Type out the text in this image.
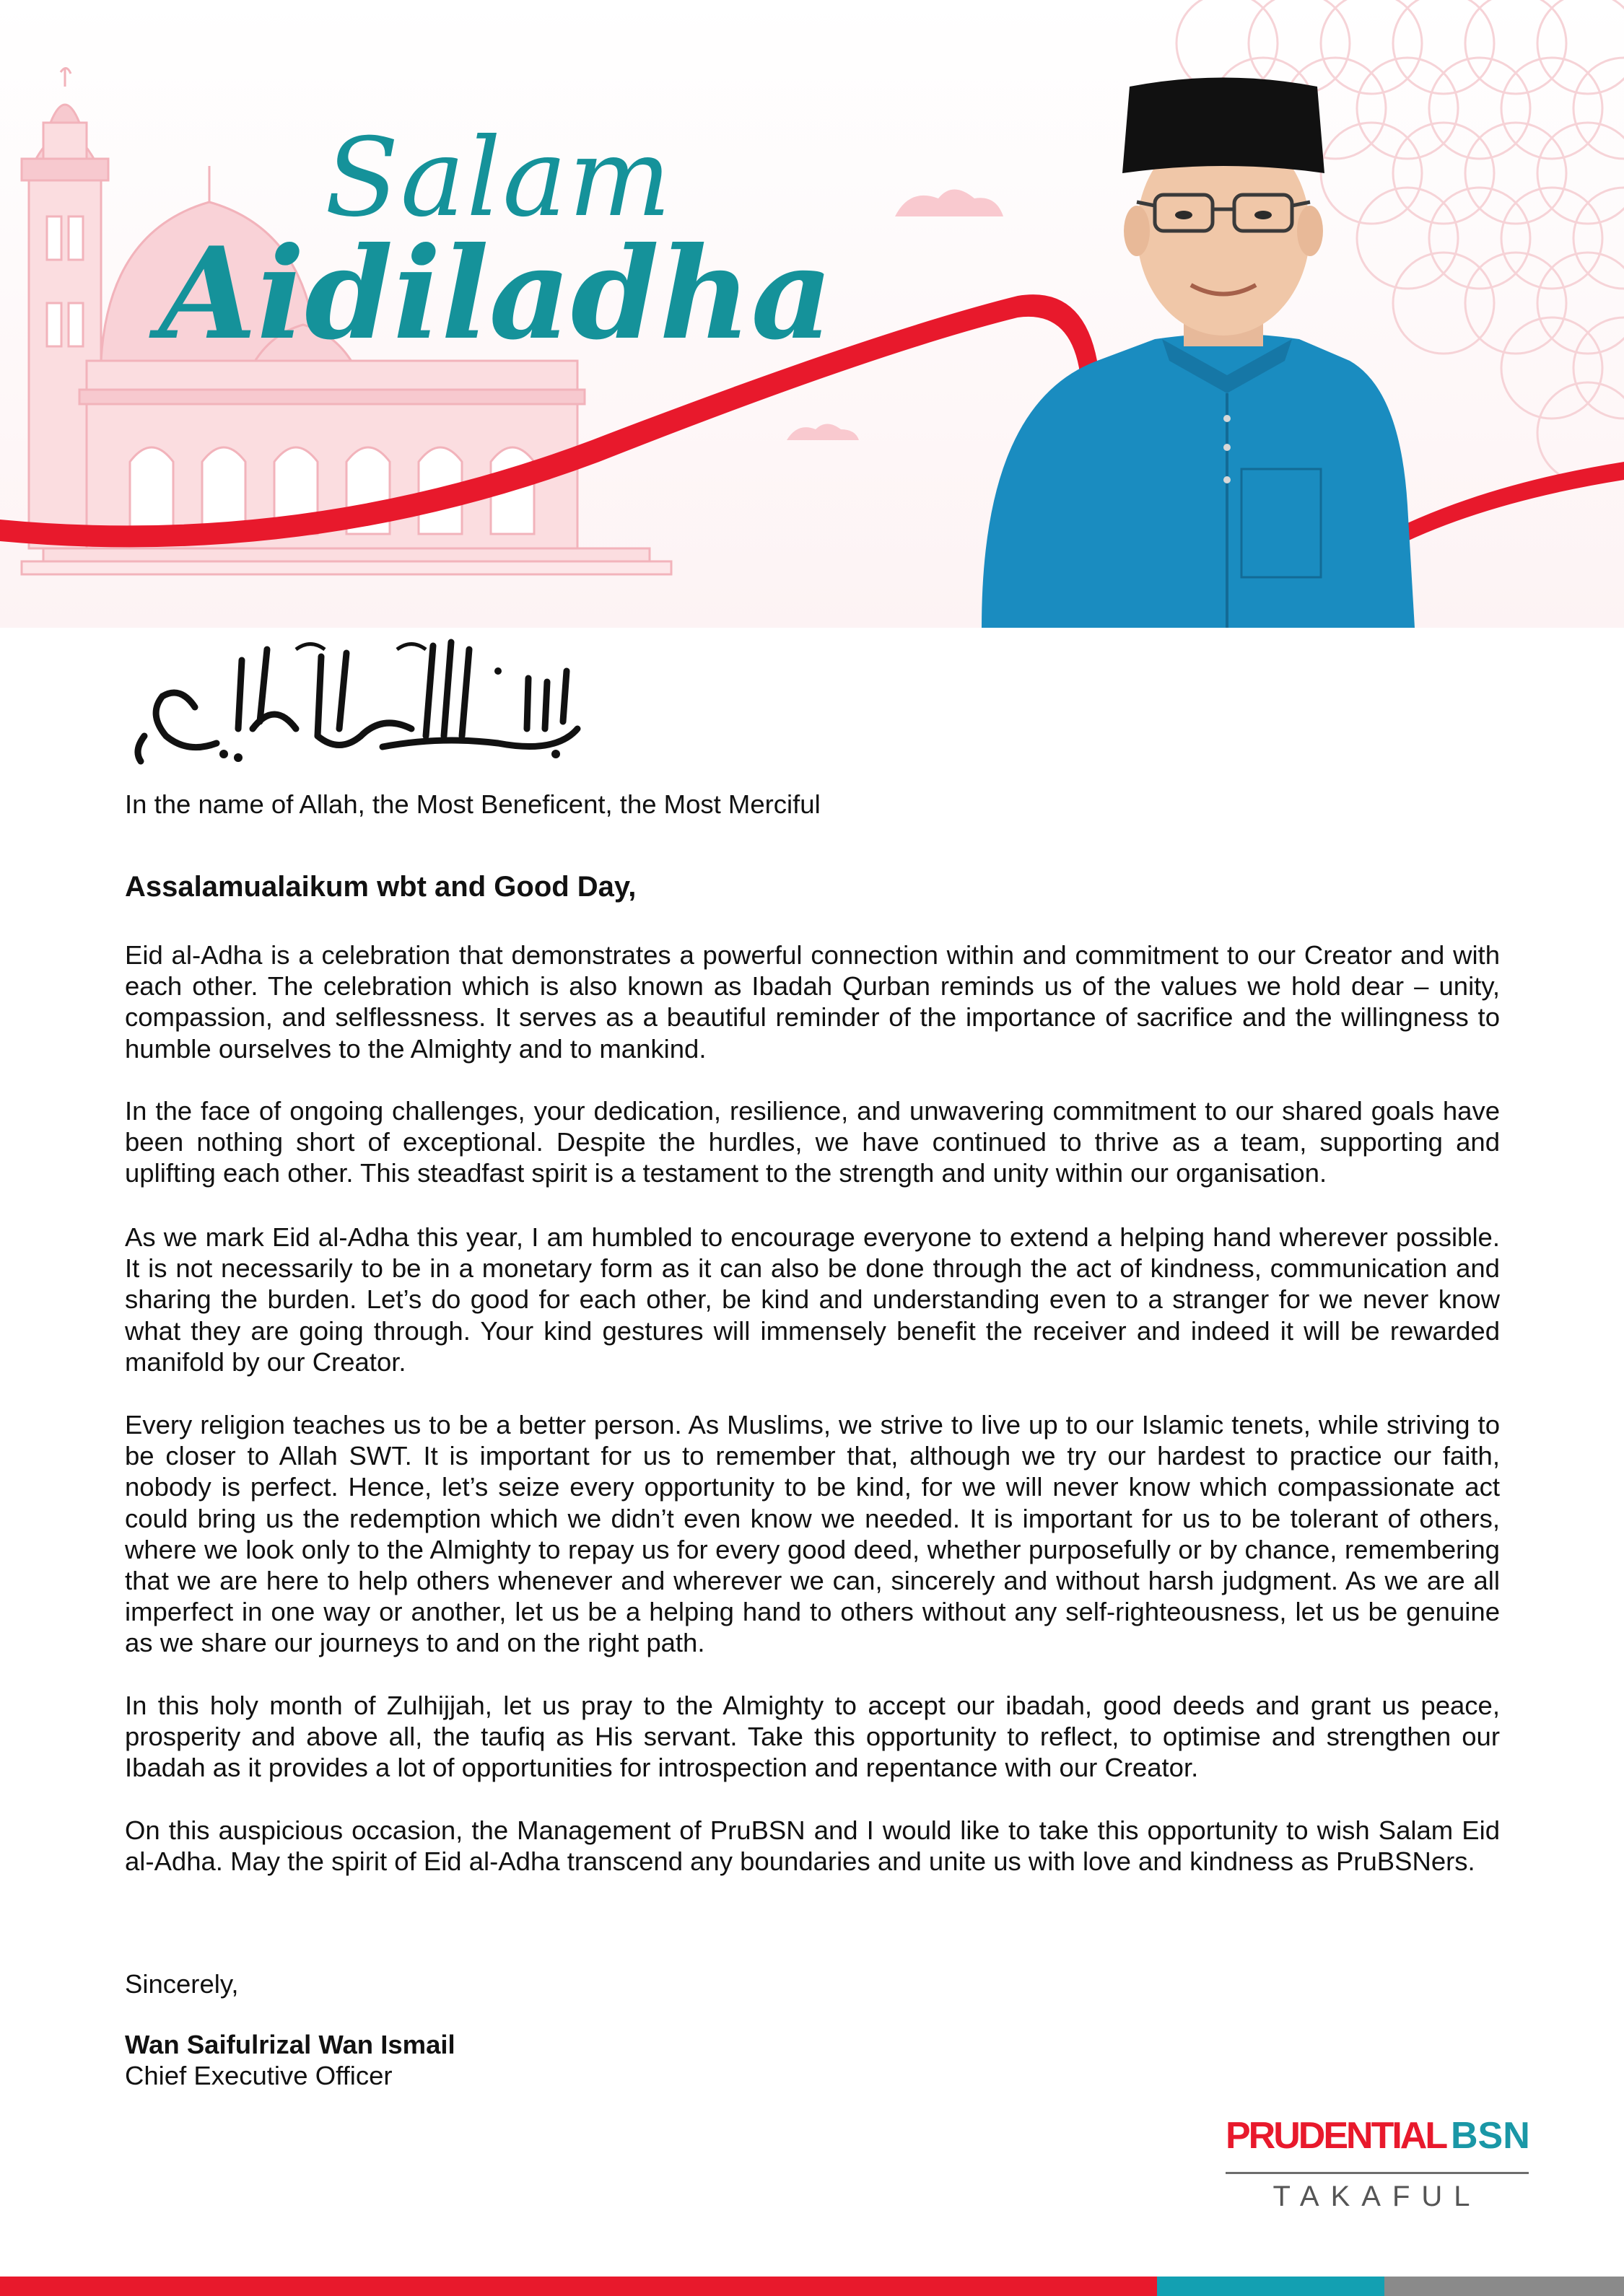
Salam
Aidiladha
In the name of Allah, the Most Beneficent, the Most Merciful
Assalamualaikum wbt and Good Day,
Eid al-Adha is a celebration that demonstrates a powerful connection within and commitment to our Creator and with each other. The celebration which is also known as Ibadah Qurban reminds us of the values we hold dear – unity, compassion, and selflessness. It serves as a beautiful reminder of the importance of sacrifice and the willingness to humble ourselves to the Almighty and to mankind.
In the face of ongoing challenges, your dedication, resilience, and unwavering commitment to our shared goals have been nothing short of exceptional. Despite the hurdles, we have continued to thrive as a team, supporting and uplifting each other. This steadfast spirit is a testament to the strength and unity within our organisation.
As we mark Eid al-Adha this year, I am humbled to encourage everyone to extend a helping hand wherever possible. It is not necessarily to be in a monetary form as it can also be done through the act of kindness, communication and sharing the burden. Let’s do good for each other, be kind and understanding even to a stranger for we never know what they are going through. Your kind gestures will immensely benefit the receiver and indeed it will be rewarded manifold by our Creator.
Every religion teaches us to be a better person. As Muslims, we strive to live up to our Islamic tenets, while striving to be closer to Allah SWT. It is important for us to remember that, although we try our hardest to practice our faith, nobody is perfect. Hence, let’s seize every opportunity to be kind, for we will never know which compassionate act could bring us the redemption which we didn’t even know we needed. It is important for us to be tolerant of others, where we look only to the Almighty to repay us for every good deed, whether purposefully or by chance, remembering that we are here to help others whenever and wherever we can, sincerely and without harsh judgment. As we are all imperfect in one way or another, let us be a helping hand to others without any self-righteousness, let us be genuine as we share our journeys to and on the right path.
In this holy month of Zulhijjah, let us pray to the Almighty to accept our ibadah, good deeds and grant us peace, prosperity and above all, the taufiq as His servant. Take this opportunity to reflect, to optimise and strengthen our Ibadah as it provides a lot of opportunities for introspection and repentance with our Creator.
On this auspicious occasion, the Management of PruBSN and I would like to take this opportunity to wish Salam Eid al-Adha. May the spirit of Eid al-Adha transcend any boundaries and unite us with love and kindness as PruBSNers.
Sincerely,
Wan Saifulrizal Wan Ismail
Chief Executive Officer
PRUDENTIAL BSN
TAKAFUL
